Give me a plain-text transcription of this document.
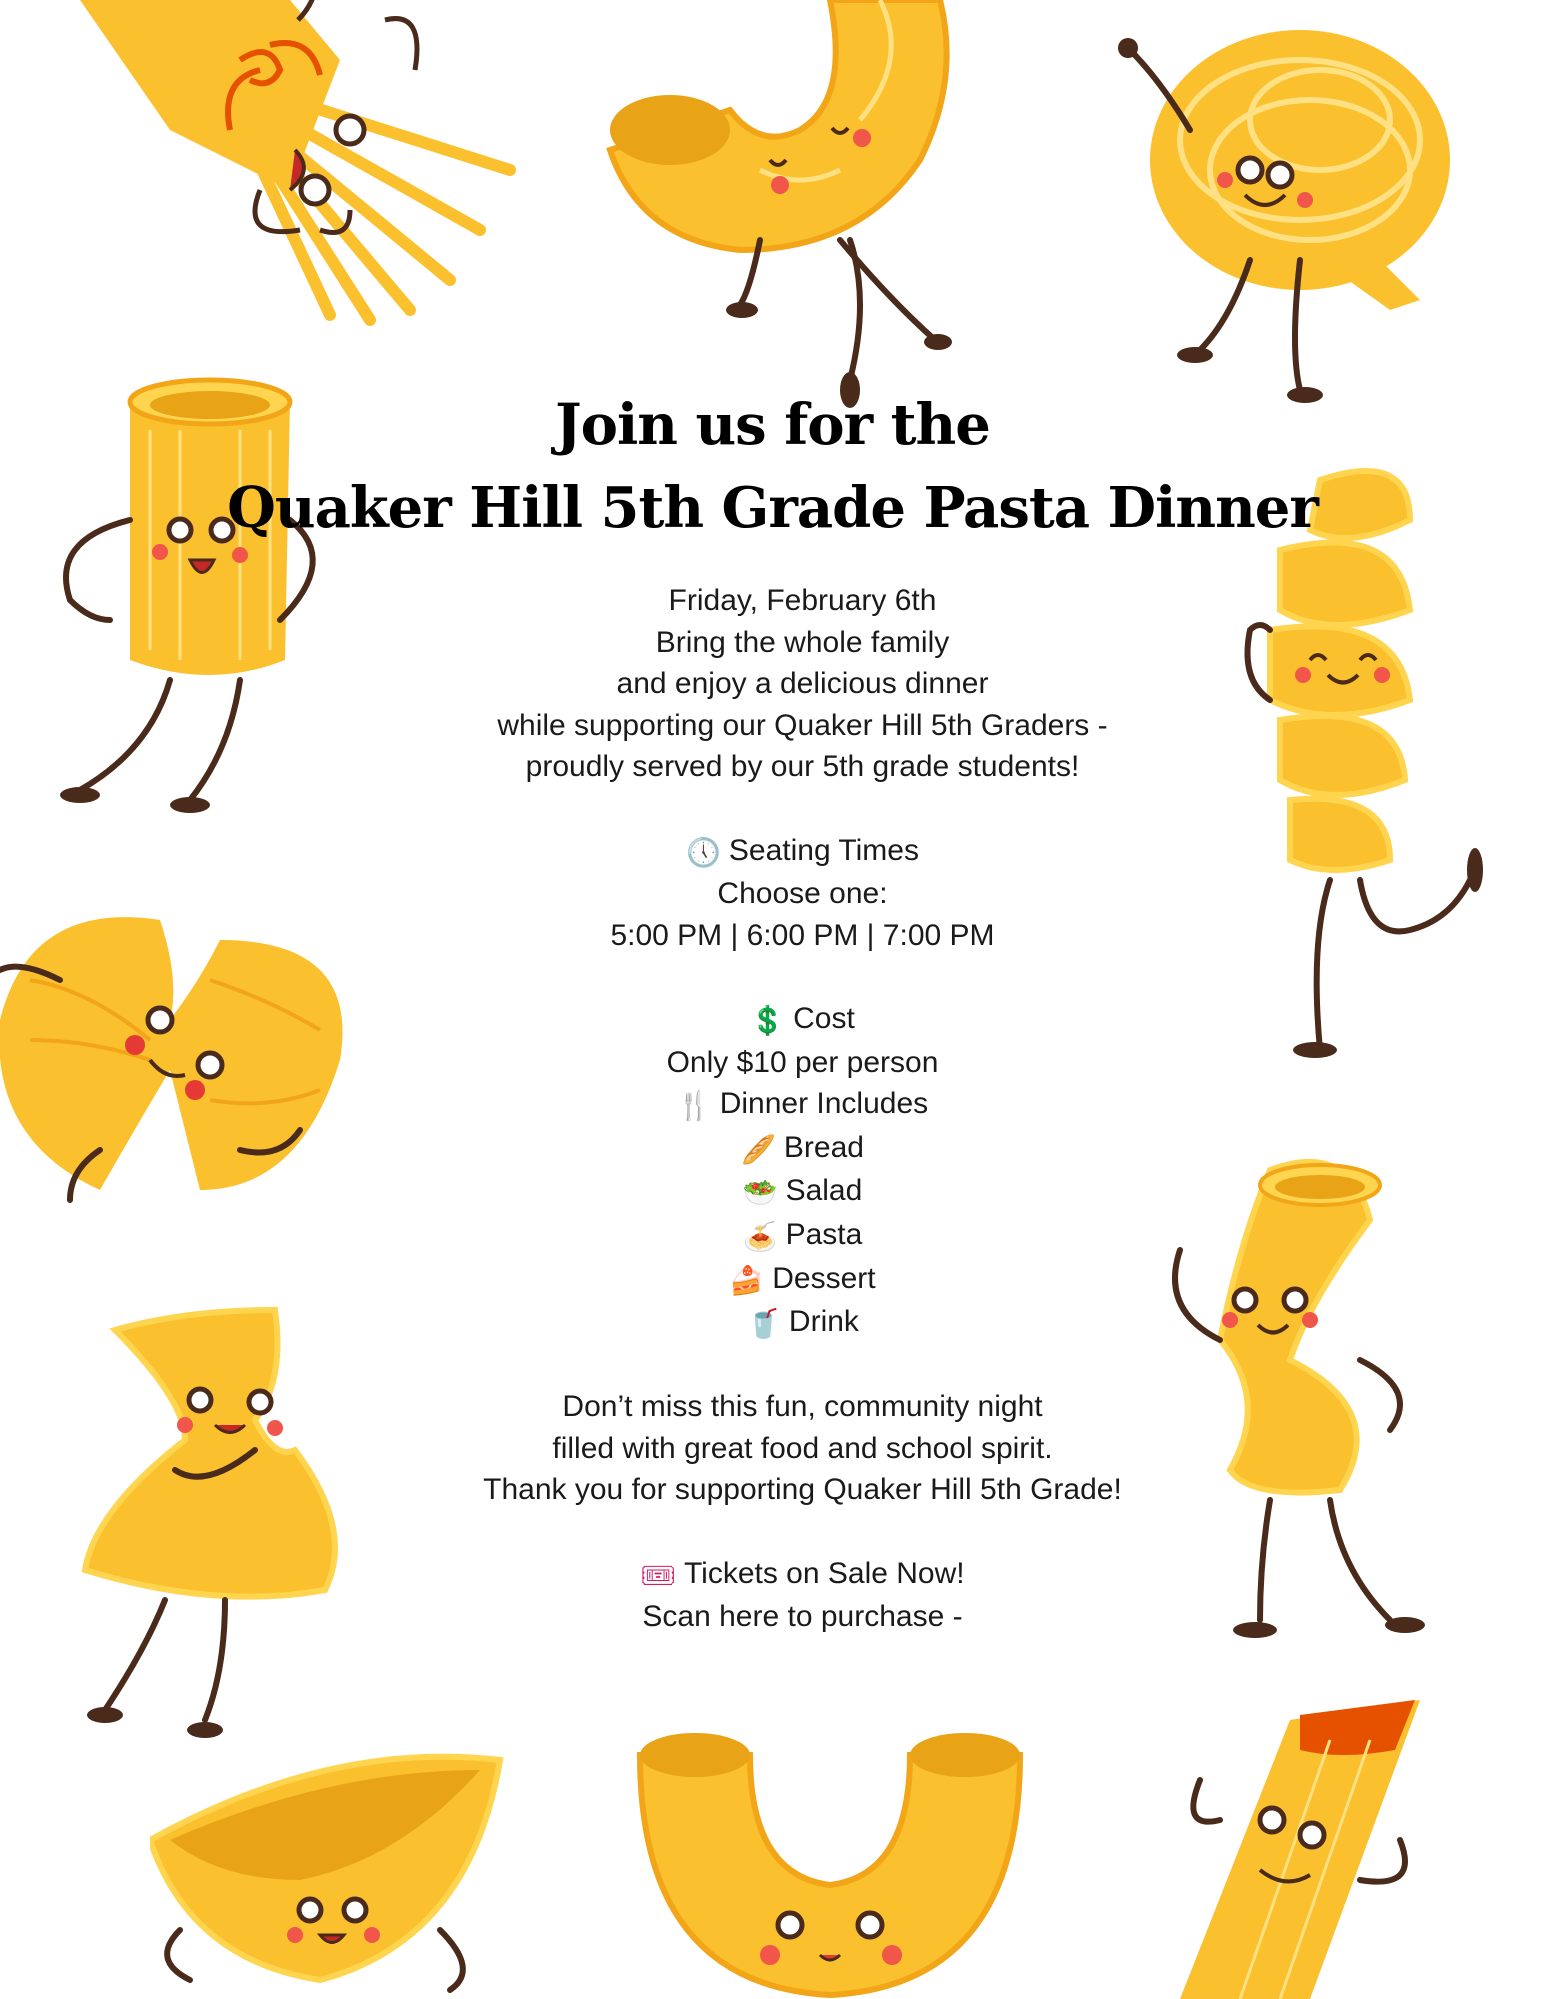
Join us for the
Quaker Hill 5th Grade Pasta Dinner
Friday, February 6th
Bring the whole family
and enjoy a delicious dinner
while supporting our Quaker Hill 5th Graders -
proudly served by our 5th grade students!
🕔 Seating Times
Choose one:
5:00 PM | 6:00 PM | 7:00 PM
💲 Cost
Only $10 per person
🍴 Dinner Includes
🥖 Bread
🥗 Salad
🍝 Pasta
🍰 Dessert
🥤 Drink
Don’t miss this fun, community night
filled with great food and school spirit.
Thank you for supporting Quaker Hill 5th Grade!
🎟 Tickets on Sale Now!
Scan here to purchase -
